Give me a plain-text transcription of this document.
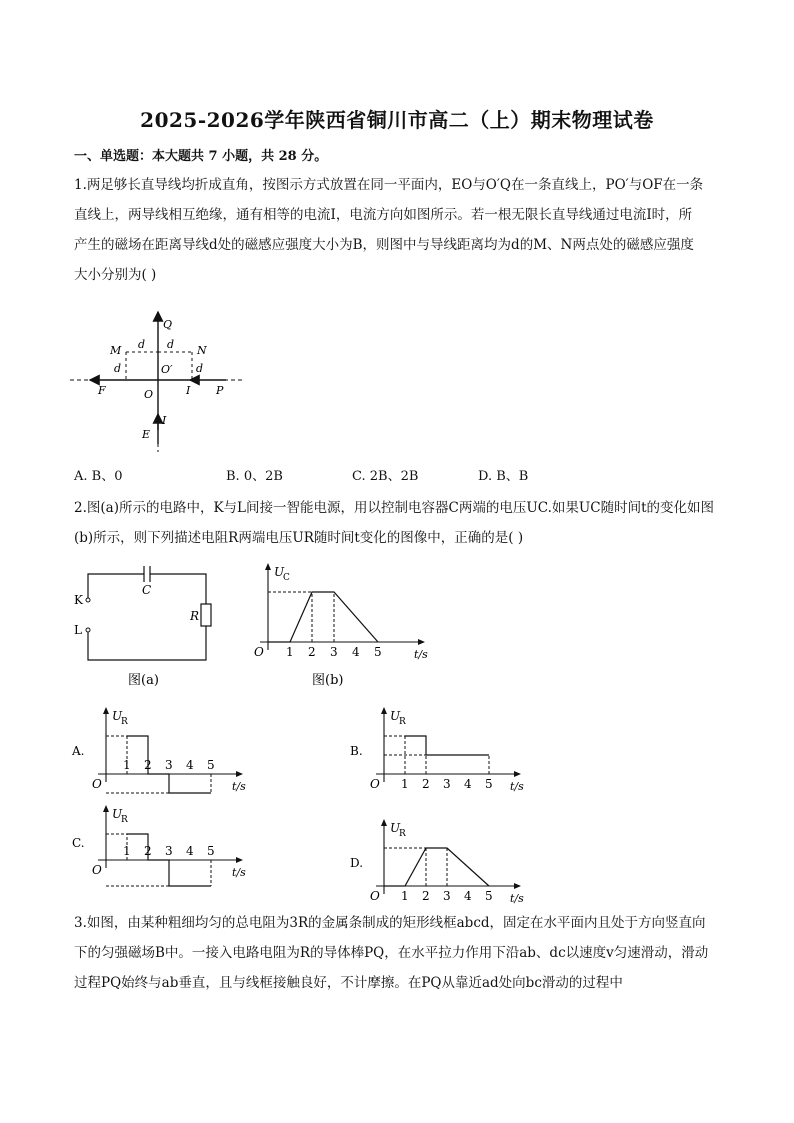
2025-2026学年陕西省铜川市高二（上）期末物理试卷
一、单选题：本大题共 7 小题，共 28 分。
1.两足够长直导线均折成直角，按图示方式放置在同一平面内，EO与O′Q在一条直线上，PO′与OF在一条
直线上，两导线相互绝缘，通有相等的电流I，电流方向如图所示。若一根无限长直导线通过电流I时，所
产生的磁场在距离导线d处的磁感应强度大小为B，则图中与导线距离均为d的M、N两点处的磁感应强度
大小分别为( )
Q
M	N
d d
d	d
O′
F	O	I P
I
E
A. B、0	B. 0、2B	C. 2B、2B	D. B、B
2.图(a)所示的电路中，K与L间接一智能电源，用以控制电容器C两端的电压UC.如果UC随时间t的变化如图
(b)所示，则下列描述电阻R两端电压UR随时间t变化的图像中，正确的是( )
K
L
C
R
图(a)
1 2 3 4 5
U
C
t/s
O
图(b)
1 2 3 4 5
U
R
t/s
O
A.
1 2 3 4 5
U
R
t/s
O
B.
1 2 3 4 5
U
R
t/s
O
C.
1 2 3 4 5
U
R
t/s
O
D.
3.如图，由某种粗细均匀的总电阻为3R的金属条制成的矩形线框abcd，固定在水平面内且处于方向竖直向
下的匀强磁场B中。一接入电路电阻为R的导体棒PQ，在水平拉力作用下沿ab、dc以速度v匀速滑动，滑动
过程PQ始终与ab垂直，且与线框接触良好，不计摩擦。在PQ从靠近ad处向bc滑动的过程中
